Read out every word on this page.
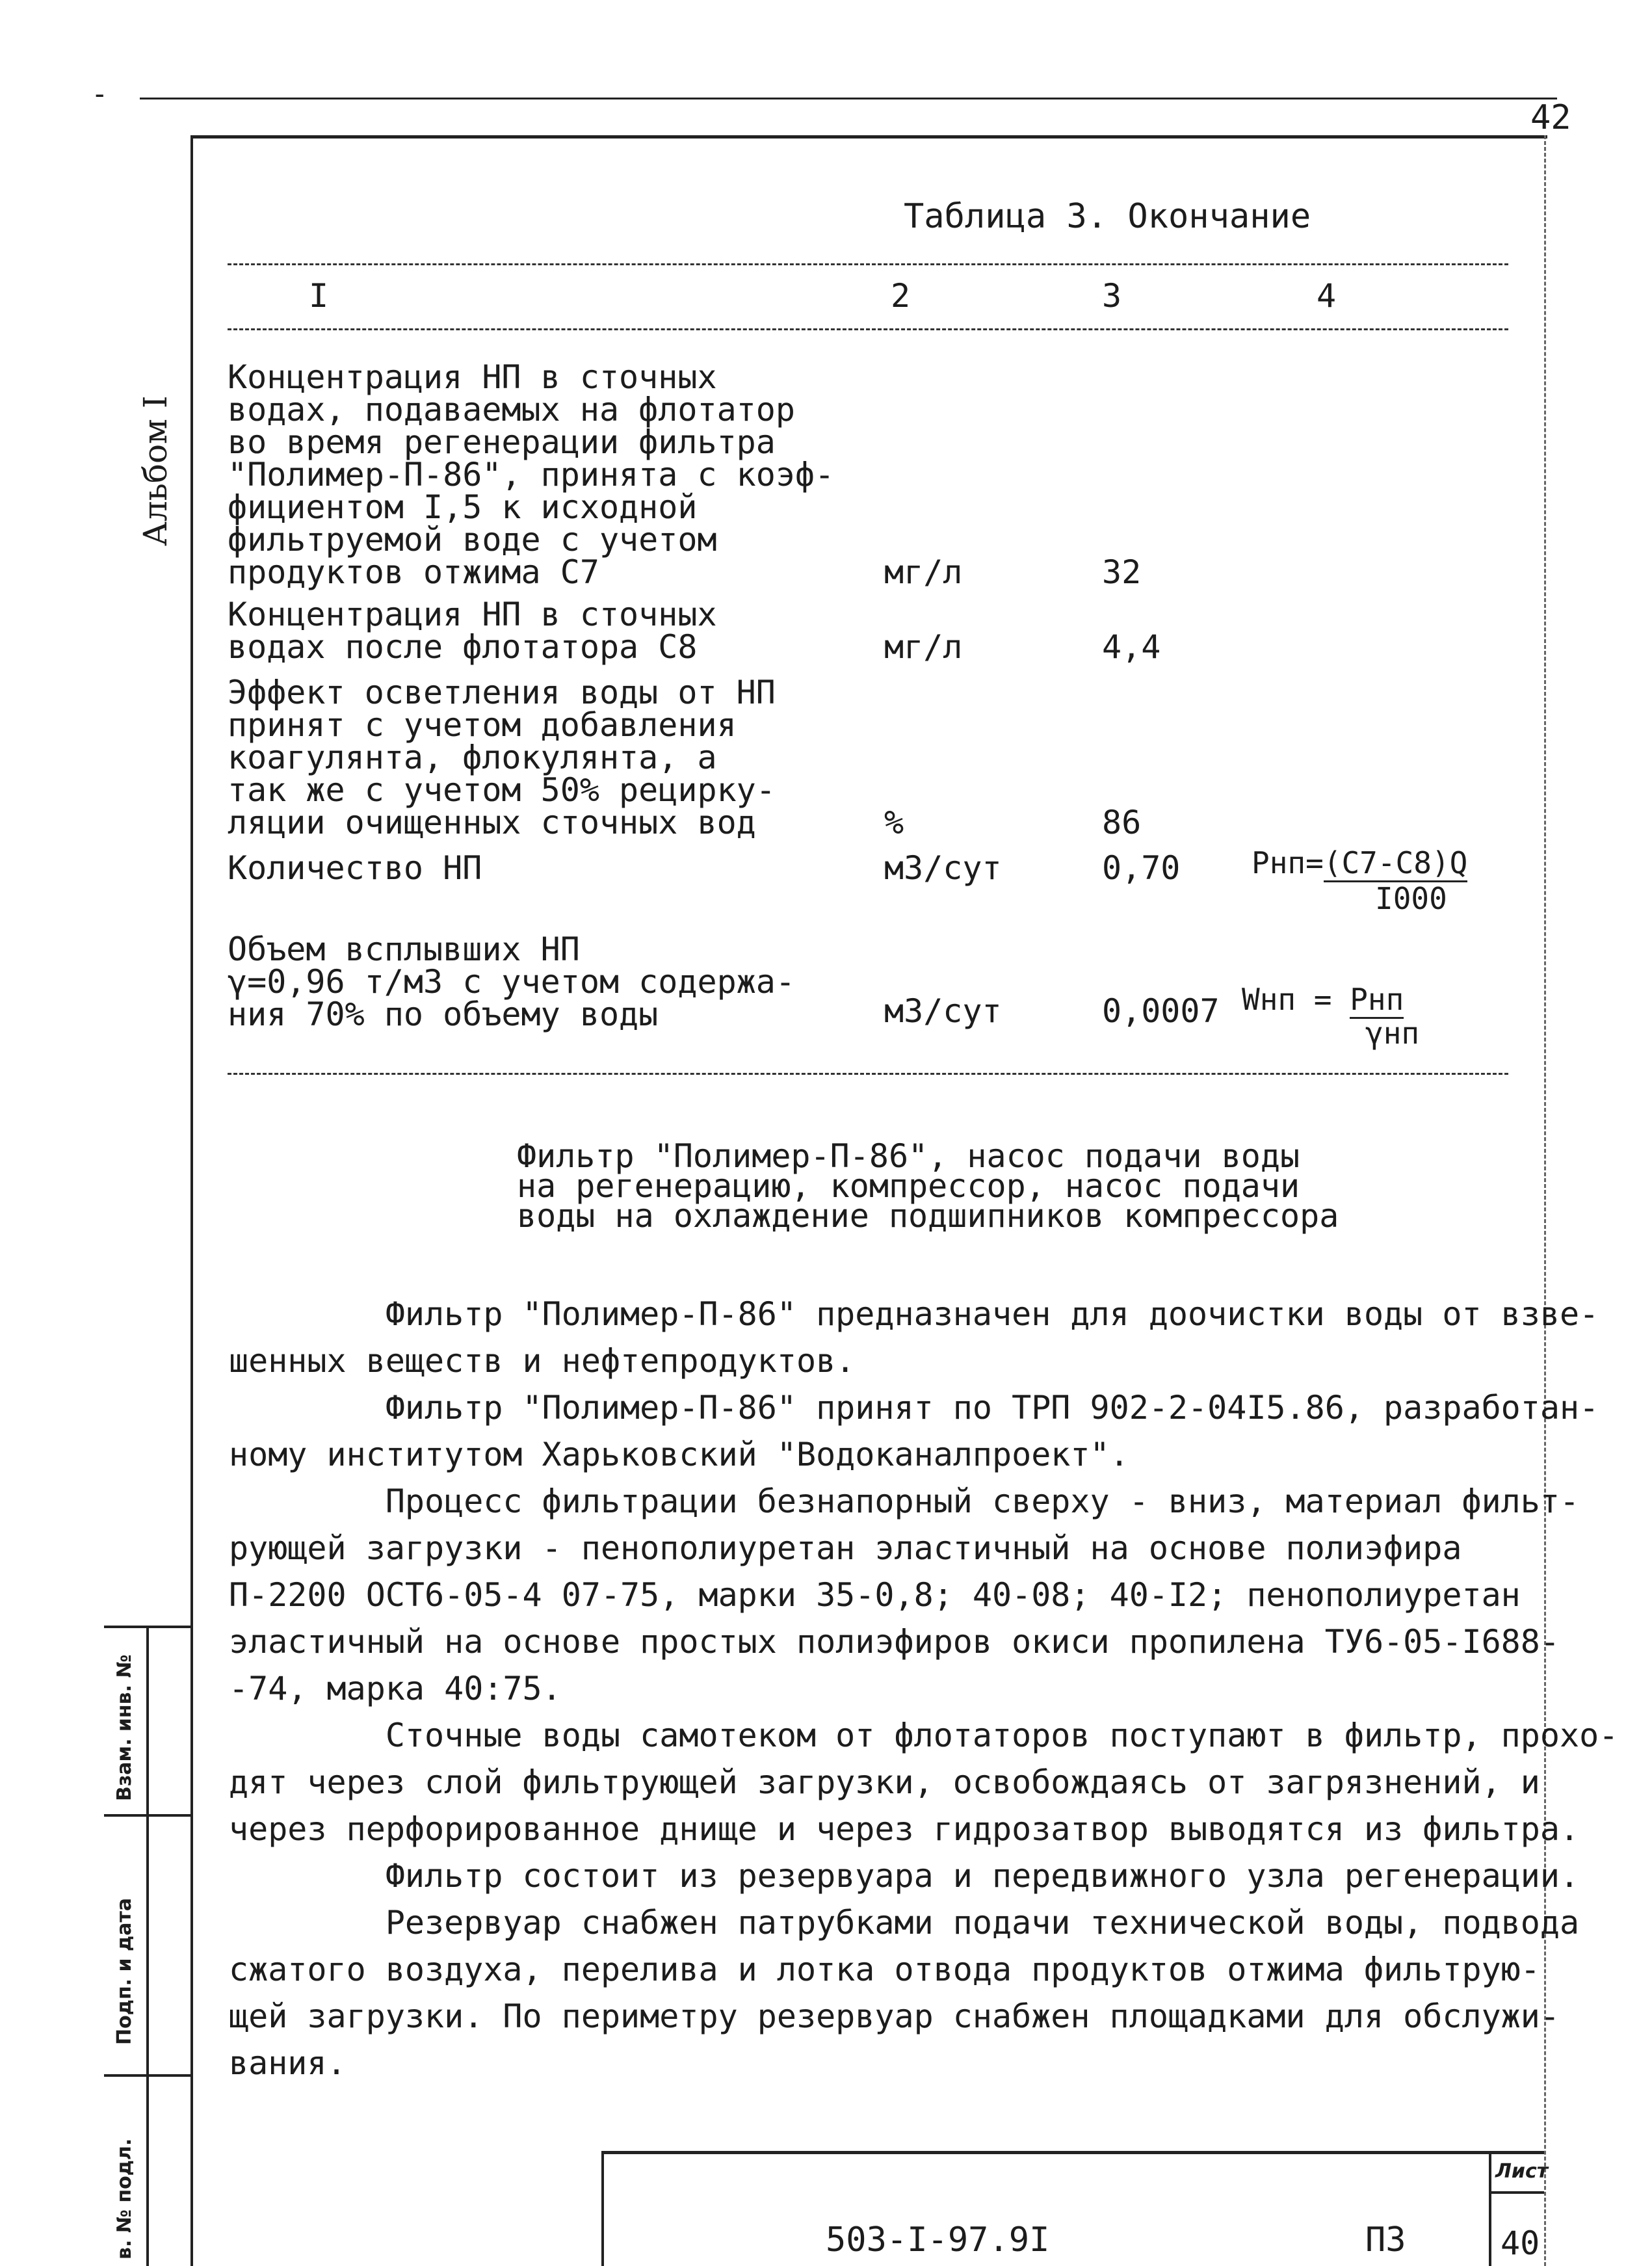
-
42
Альбом I
Таблица 3. Окончание
I	2	3	4
Концентрация НП в сточных
водах, подаваемых на флотатор
во время регенерации фильтра
"Полимер-П-86", принята с коэф-
фициентом I,5 к исходной
фильтруемой воде с учетом
продуктов отжима С7	мг/л	32
Концентрация НП в сточных
водах после флотатора С8	мг/л	4,4
Эффект осветления воды от НП
принят с учетом добавления
коагулянта, флокулянта, а
так же с учетом 50% рецирку-
ляции очищенных сточных вод	%	86
Количество НП	м3/сут	0,70 Рнп=(С7-С8)Q
I000
Объем всплывших НП
γ=0,96 т/м3 с учетом содержа-
ния 70% по объему воды	м3/сут	0,0007 Wнп = Рнп
γнп
Фильтр "Полимер-П-86", насос подачи воды
на регенерацию, компрессор, насос подачи
воды на охлаждение подшипников компрессора
Фильтр "Полимер-П-86" предназначен для доочистки воды от взве-
шенных веществ и нефтепродуктов.
Фильтр "Полимер-П-86" принят по ТРП 902-2-04I5.86, разработан-
ному институтом Харьковский "Водоканалпроект".
Процесс фильтрации безнапорный сверху - вниз, материал фильт-
рующей загрузки - пенополиуретан эластичный на основе полиэфира
П-2200 ОСТ6-05-4 07-75, марки 35-0,8; 40-08; 40-I2; пенополиуретан
эластичный на основе простых полиэфиров окиси пропилена ТУ6-05-I688-
-74, марка 40:75.
Сточные воды самотеком от флотаторов поступают в фильтр, прохо-
дят через слой фильтрующей загрузки, освобождаясь от загрязнений, и
через перфорированное днище и через гидрозатвор выводятся из фильтра.
Фильтр состоит из резервуара и передвижного узла регенерации.
Резервуар снабжен патрубками подачи технической воды, подвода
сжатого воздуха, перелива и лотка отвода продуктов отжима фильтрую-
щей загрузки. По периметру резервуар снабжен площадками для обслужи-
вания.
Взам. инв. №
Подп. и дата
в. № подл.	503-I-97.9I	ПЗ
Лист
40
